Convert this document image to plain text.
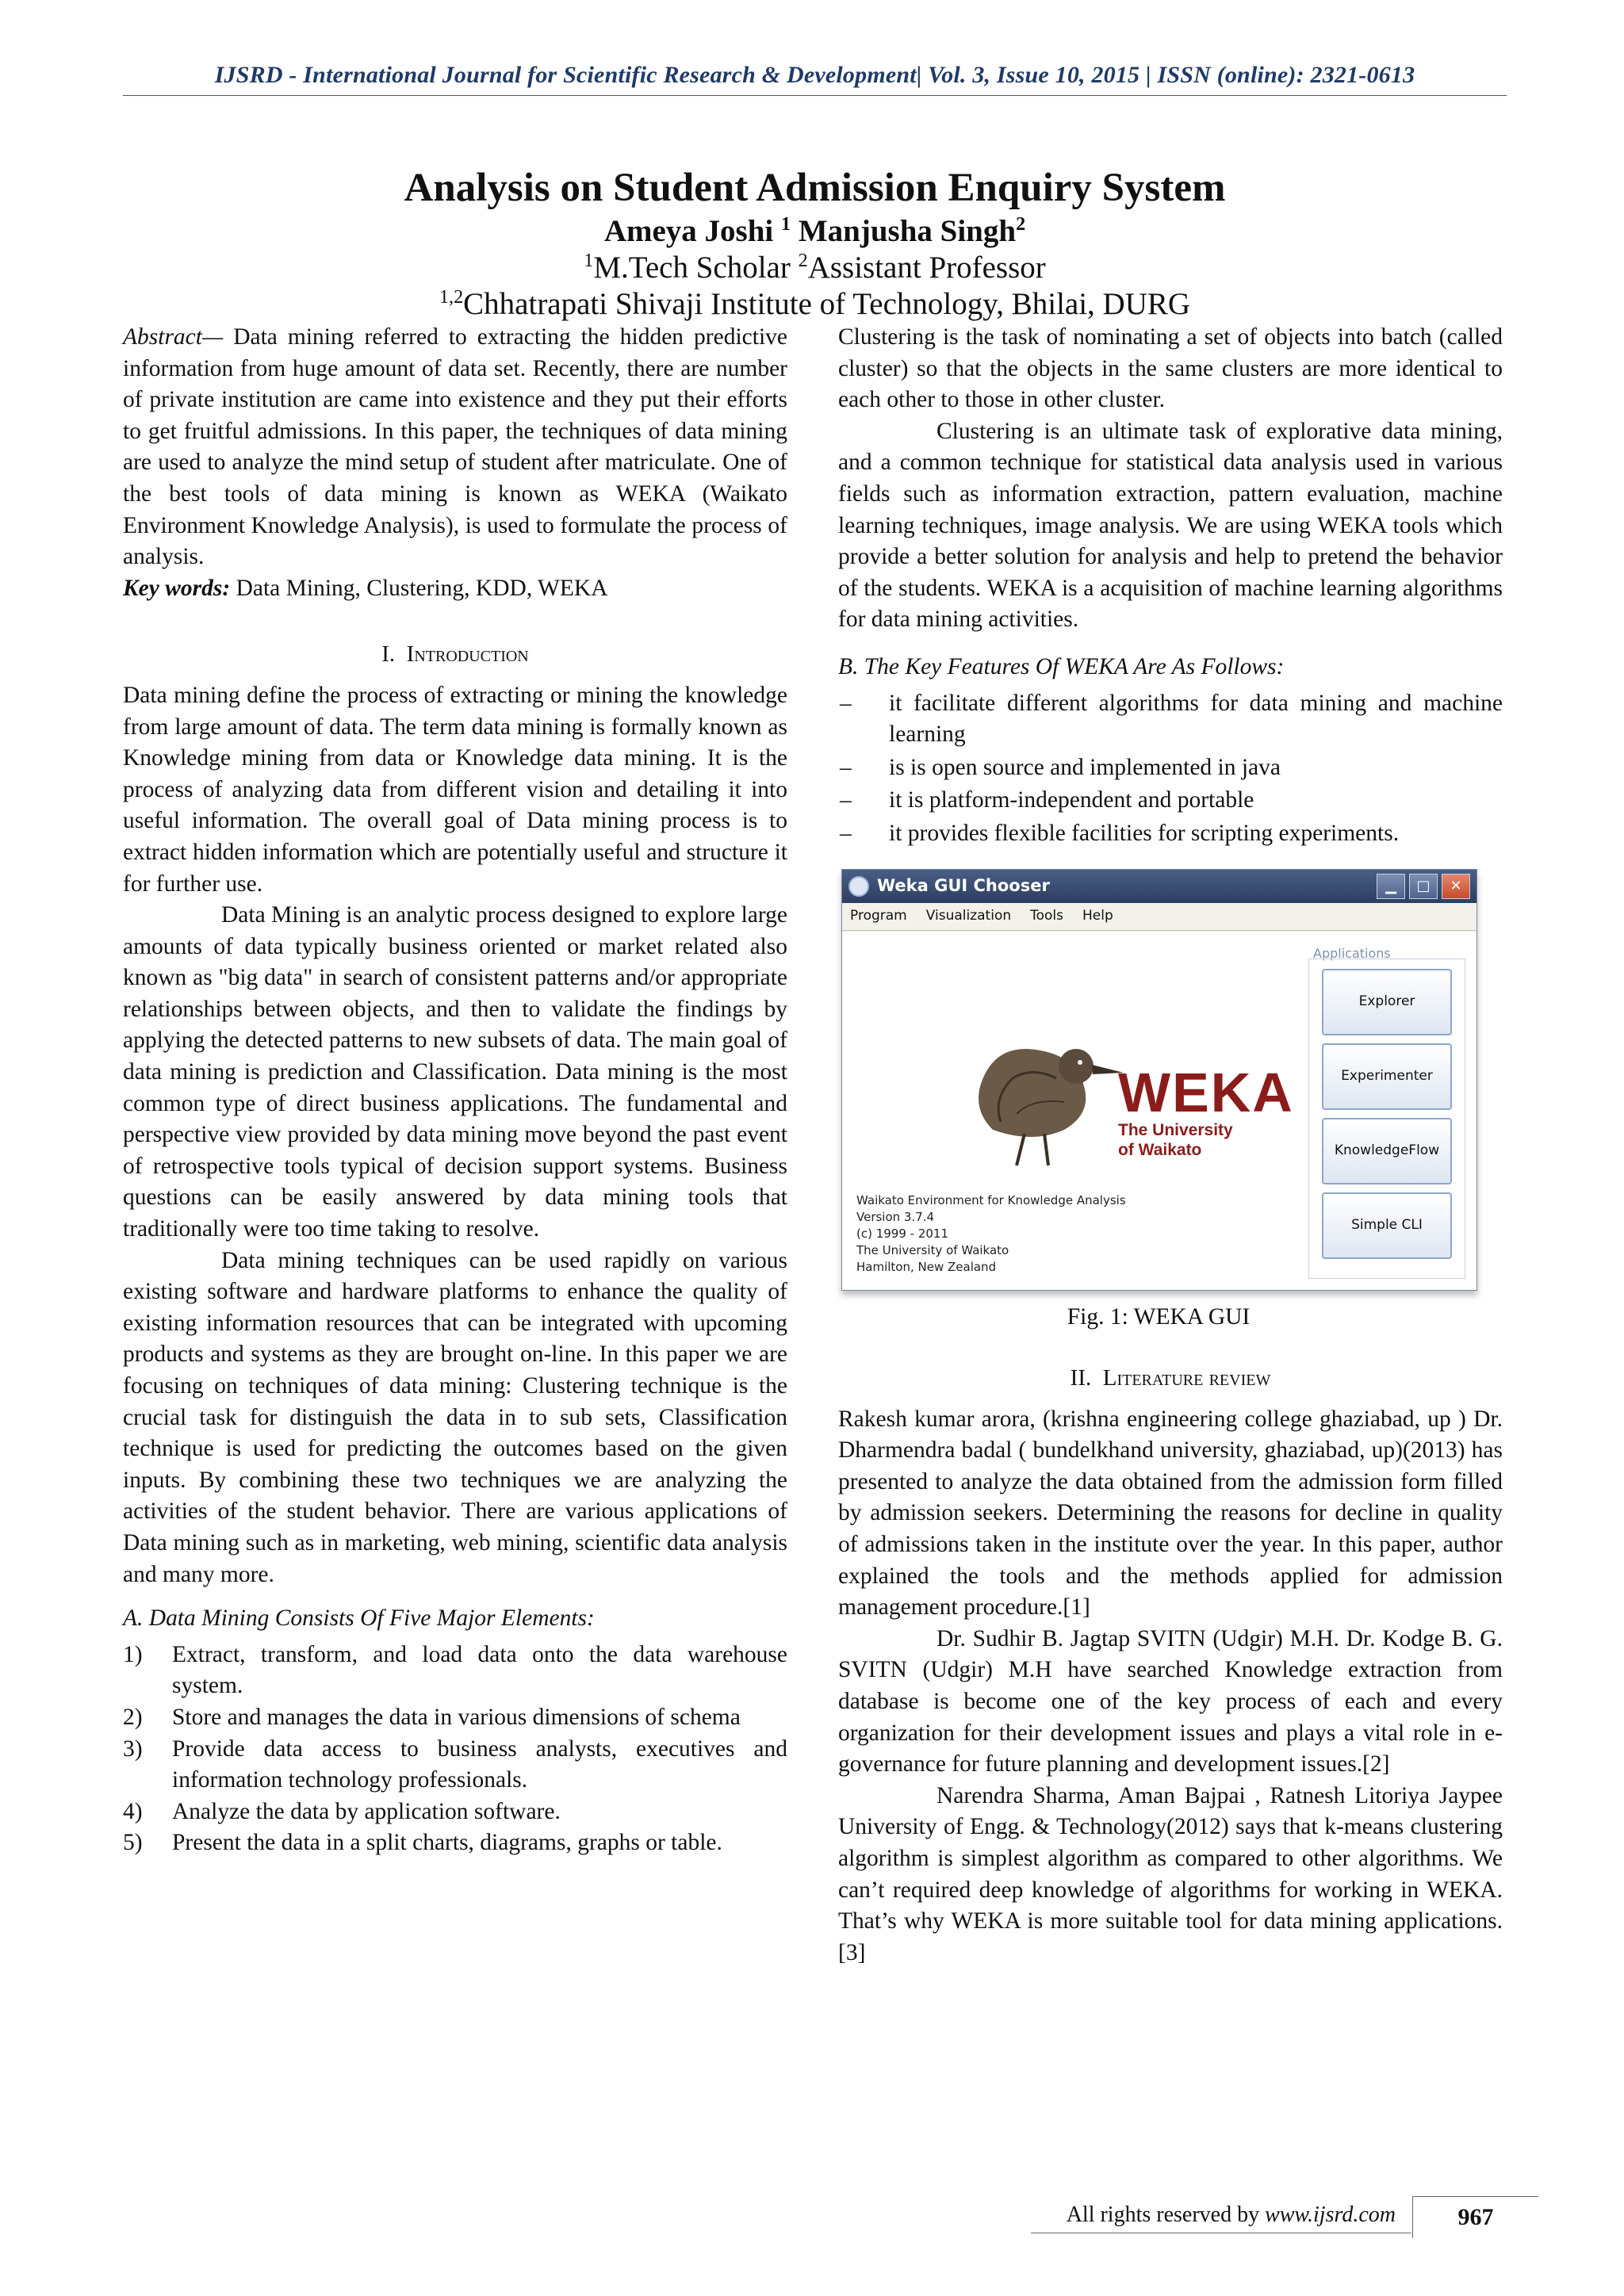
IJSRD - International Journal for Scientific Research & Development| Vol. 3, Issue 10, 2015 | ISSN (online): 2321-0613
Analysis on Student Admission Enquiry System
Ameya Joshi $^1$ Manjusha Singh$^2$
$^1$M.Tech Scholar $^2$Assistant Professor
$^{1,2}$Chhatrapati Shivaji Institute of Technology, Bhilai, DURG

Abstract— Data mining referred to extracting the hidden predictive information from huge amount of data set. Recently, there are number of private institution are came into existence and they put their efforts to get fruitful admissions. In this paper, the techniques of data mining are used to analyze the mind setup of student after matriculate. One of the best tools of data mining is known as WEKA (Waikato Environment Knowledge Analysis), is used to formulate the process of analysis.

Key words: Data Mining, Clustering, KDD, WEKA

I. Introduction

Data mining define the process of extracting or mining the knowledge from large amount of data. The term data mining is formally known as Knowledge mining from data or Knowledge data mining. It is the process of analyzing data from different vision and detailing it into useful information. The overall goal of Data mining process is to extract hidden information which are potentially useful and structure it for further use.

Data Mining is an analytic process designed to explore large amounts of data typically business oriented or market related also known as "big data" in search of consistent patterns and/or appropriate relationships between objects, and then to validate the findings by applying the detected patterns to new subsets of data. The main goal of data mining is prediction and Classification. Data mining is the most common type of direct business applications. The fundamental and perspective view provided by data mining move beyond the past event of retrospective tools typical of decision support systems. Business questions can be easily answered by data mining tools that traditionally were too time taking to resolve.

Data mining techniques can be used rapidly on various existing software and hardware platforms to enhance the quality of existing information resources that can be integrated with upcoming products and systems as they are brought on-line. In this paper we are focusing on techniques of data mining: Clustering technique is the crucial task for distinguish the data in to sub sets, Classification technique is used for predicting the outcomes based on the given inputs. By combining these two techniques we are analyzing the activities of the student behavior. There are various applications of Data mining such as in marketing, web mining, scientific data analysis and many more.

A. Data Mining Consists Of Five Major Elements:
1)	Extract, transform, and load data onto the data warehouse system.
2)	Store and manages the data in various dimensions of schema
3)	Provide data access to business analysts, executives and information technology professionals.
4)	Analyze the data by application software.
5)	Present the data in a split charts, diagrams, graphs or table.

Clustering is the task of nominating a set of objects into batch (called cluster) so that the objects in the same clusters are more identical to each other to those in other cluster.

Clustering is an ultimate task of explorative data mining, and a common technique for statistical data analysis used in various fields such as information extraction, pattern evaluation, machine learning techniques, image analysis. We are using WEKA tools which provide a better solution for analysis and help to pretend the behavior of the students. WEKA is a acquisition of machine learning algorithms for data mining activities.

B. The Key Features Of WEKA Are As Follows:
–	it facilitate different algorithms for data mining and machine learning
–	is is open source and implemented in java
–	it is platform-independent and portable
–	it provides flexible facilities for scripting experiments.
Weka GUI Chooser	▁	□	✕
Program Visualization Tools Help
WEKA
The University
of Waikato
Waikato Environment for Knowledge Analysis
Version 3.7.4
(c) 1999 - 2011
The University of Waikato
Hamilton, New Zealand
Applications
Explorer
Experimenter
KnowledgeFlow
Simple CLI
Fig. 1: WEKA GUI
II. Literature review

Rakesh kumar arora, (krishna engineering college ghaziabad, up ) Dr. Dharmendra badal ( bundelkhand university, ghaziabad, up)(2013) has presented to analyze the data obtained from the admission form filled by admission seekers. Determining the reasons for decline in quality of admissions taken in the institute over the year. In this paper, author explained the tools and the methods applied for admission management procedure.[1]

Dr. Sudhir B. Jagtap SVITN (Udgir) M.H. Dr. Kodge B. G. SVITN (Udgir) M.H have searched Knowledge extraction from database is become one of the key process of each and every organization for their development issues and plays a vital role in e-governance for future planning and development issues.[2]

Narendra Sharma, Aman Bajpai , Ratnesh Litoriya Jaypee University of Engg. & Technology(2012) says that k-means clustering algorithm is simplest algorithm as compared to other algorithms. We can’t required deep knowledge of algorithms for working in WEKA. That’s why WEKA is more suitable tool for data mining applications.[3]

All rights reserved by www.ijsrd.com	967
